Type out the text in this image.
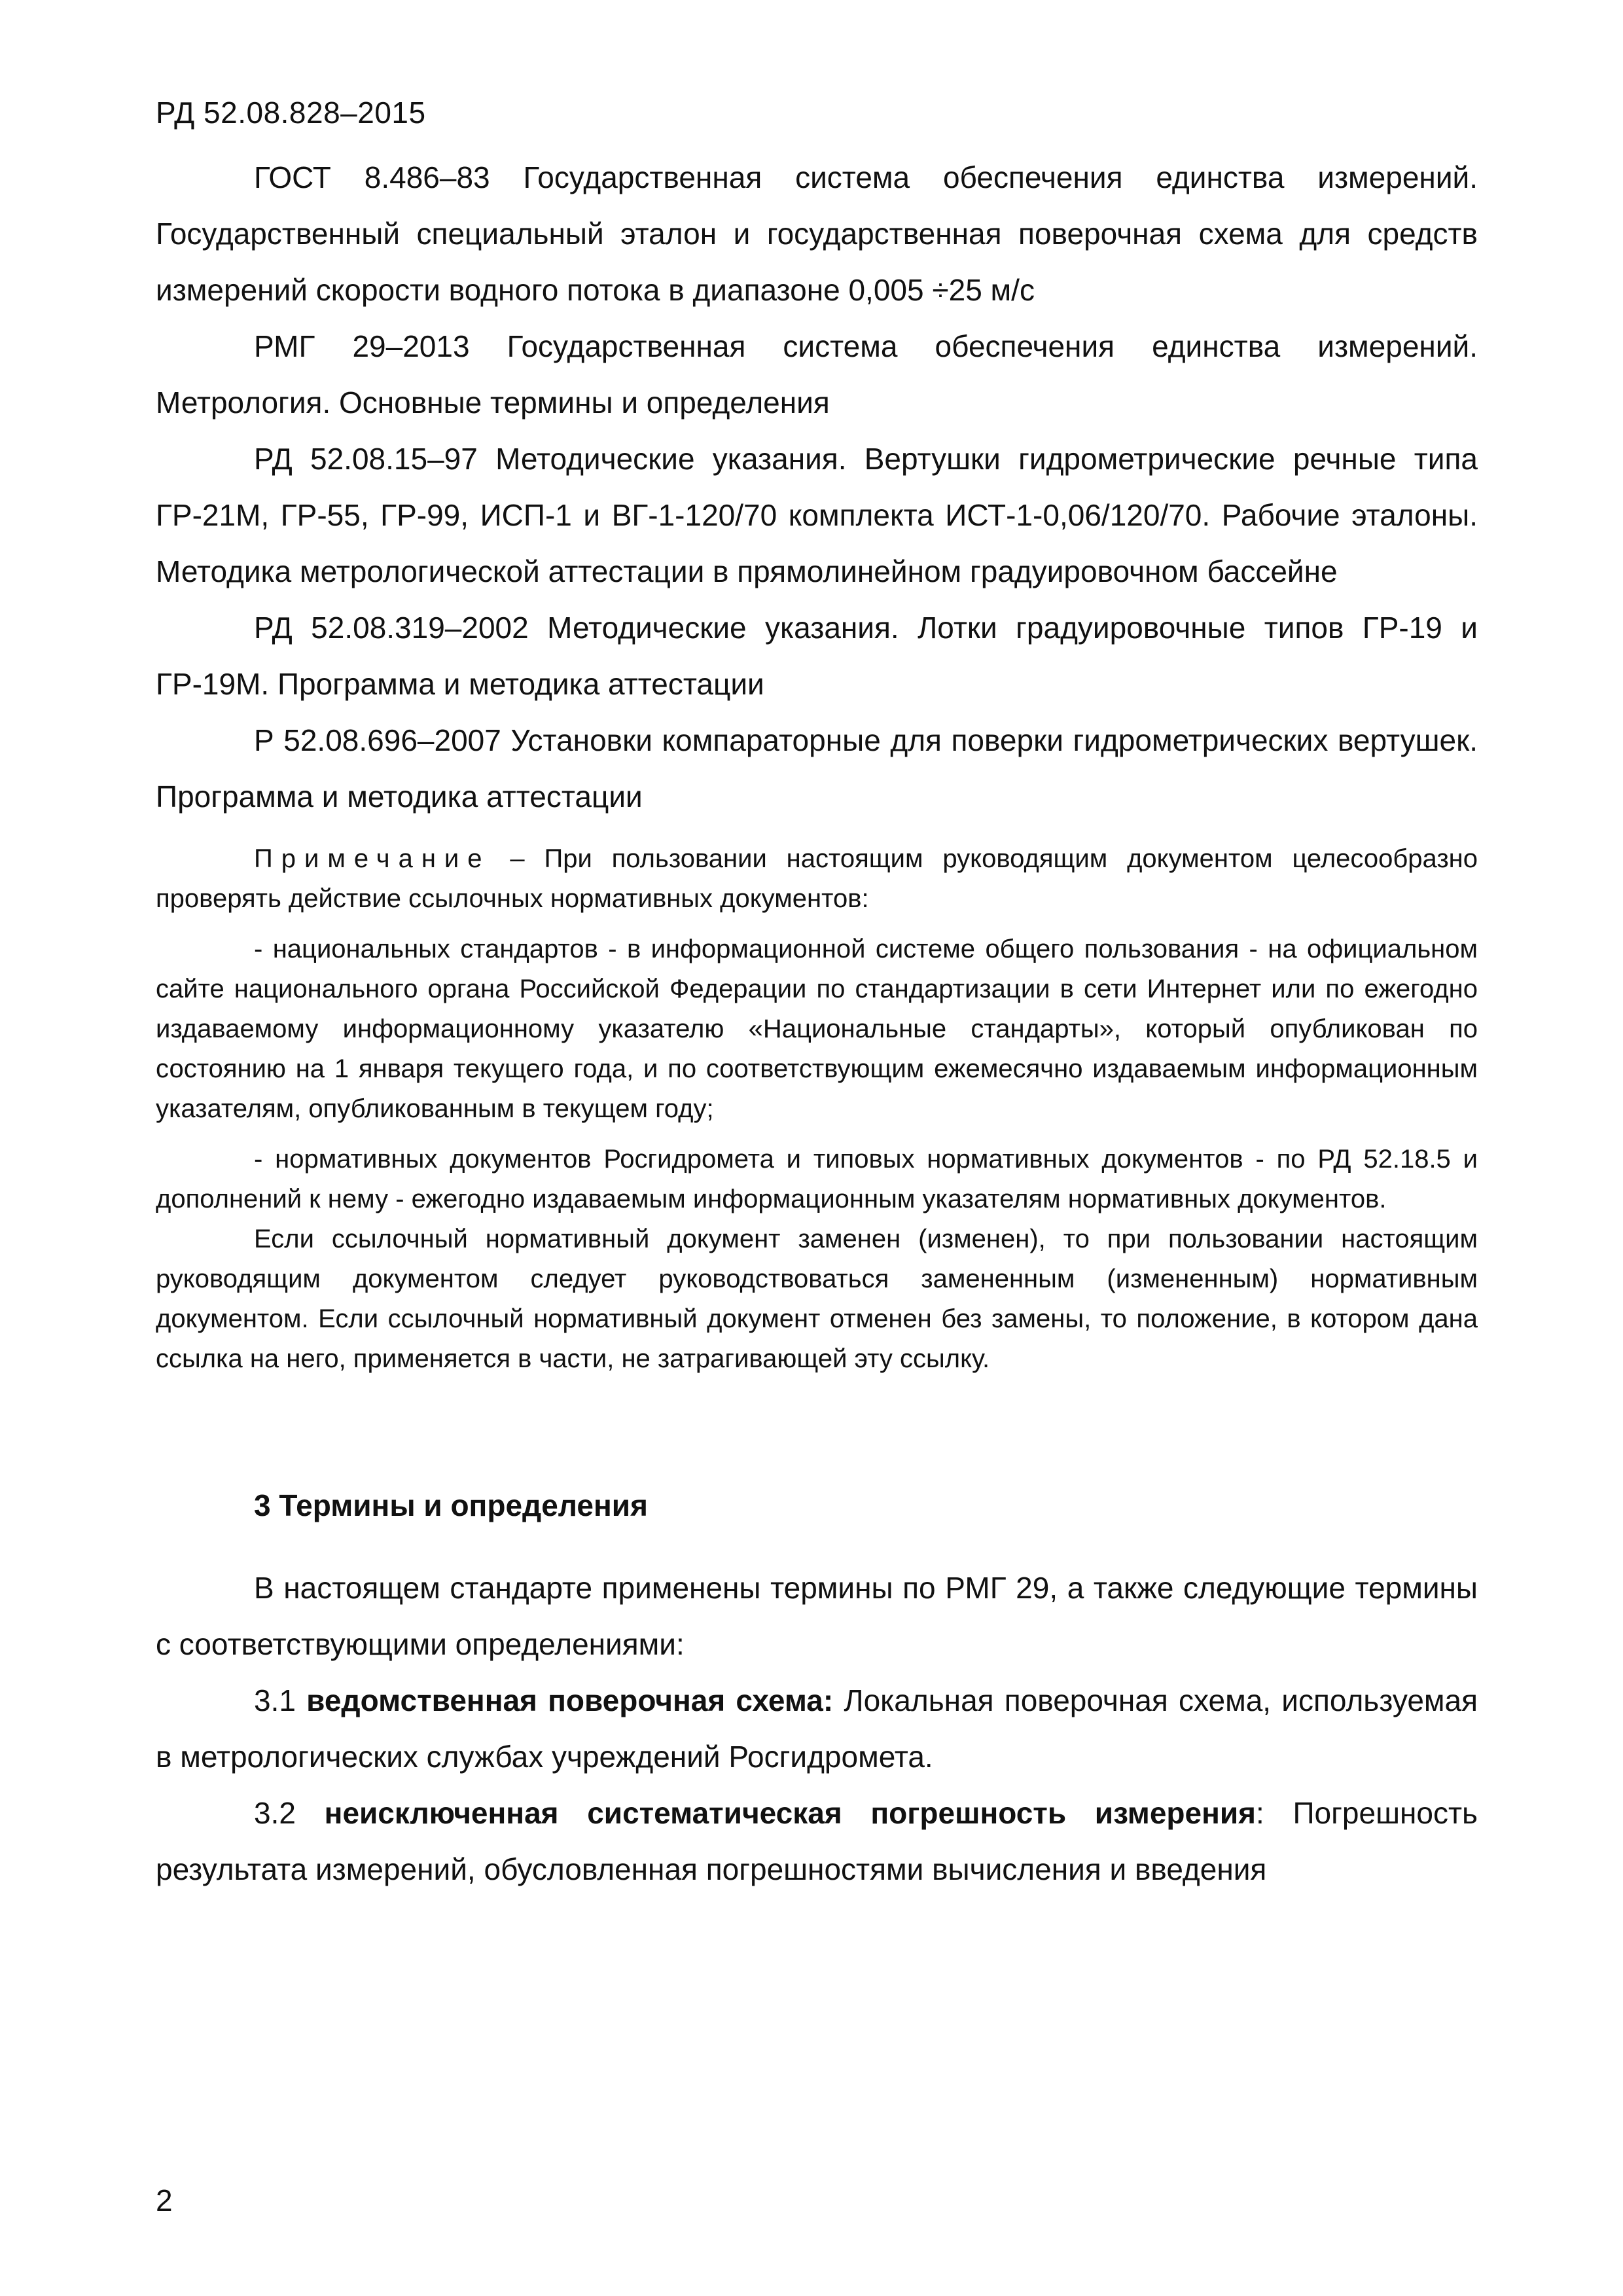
РД 52.08.828–2015

ГОСТ 8.486–83 Государственная система обеспечения единства измерений. Государственный специальный эталон и государственная поверочная схема для средств измерений скорости водного потока в диапазоне 0,005 ÷25 м/с

РМГ 29–2013 Государственная система обеспечения единства измерений. Метрология. Основные термины и определения

РД 52.08.15–97 Методические указания. Вертушки гидрометрические речные типа ГР-21М, ГР-55, ГР-99, ИСП-1 и ВГ-1-120/70 комплекта ИСТ-1-0,06/120/70. Рабочие эталоны. Методика метрологической аттестации в прямолинейном градуировочном бассейне

РД 52.08.319–2002 Методические указания. Лотки градуировочные типов ГР-19 и ГР-19М. Программа и методика аттестации

Р 52.08.696–2007 Установки компараторные для поверки гидрометрических вертушек. Программа и методика аттестации

Примечание – При пользовании настоящим руководящим документом целесообразно проверять действие ссылочных нормативных документов:

- национальных стандартов - в информационной системе общего пользования - на официальном сайте национального органа Российской Федерации по стандартизации в сети Интернет или по ежегодно издаваемому информационному указателю «Национальные стандарты», который опубликован по состоянию на 1 января текущего года, и по соответствующим ежемесячно издаваемым информационным указателям, опубликованным в текущем году;

- нормативных документов Росгидромета и типовых нормативных документов - по РД 52.18.5 и дополнений к нему - ежегодно издаваемым информационным указателям нормативных документов.

Если ссылочный нормативный документ заменен (изменен), то при пользовании настоящим руководящим документом следует руководствоваться замененным (измененным) нормативным документом. Если ссылочный нормативный документ отменен без замены, то положение, в котором дана ссылка на него, применяется в части, не затрагивающей эту ссылку.

3 Термины и определения

В настоящем стандарте применены термины по РМГ 29, а также следующие термины с соответствующими определениями:

3.1 ведомственная поверочная схема: Локальная поверочная схема, используемая в метрологических службах учреждений Росгидромета.

3.2 неисключенная систематическая погрешность измерения: Погрешность результата измерений, обусловленная погрешностями вычисления и введения

2
